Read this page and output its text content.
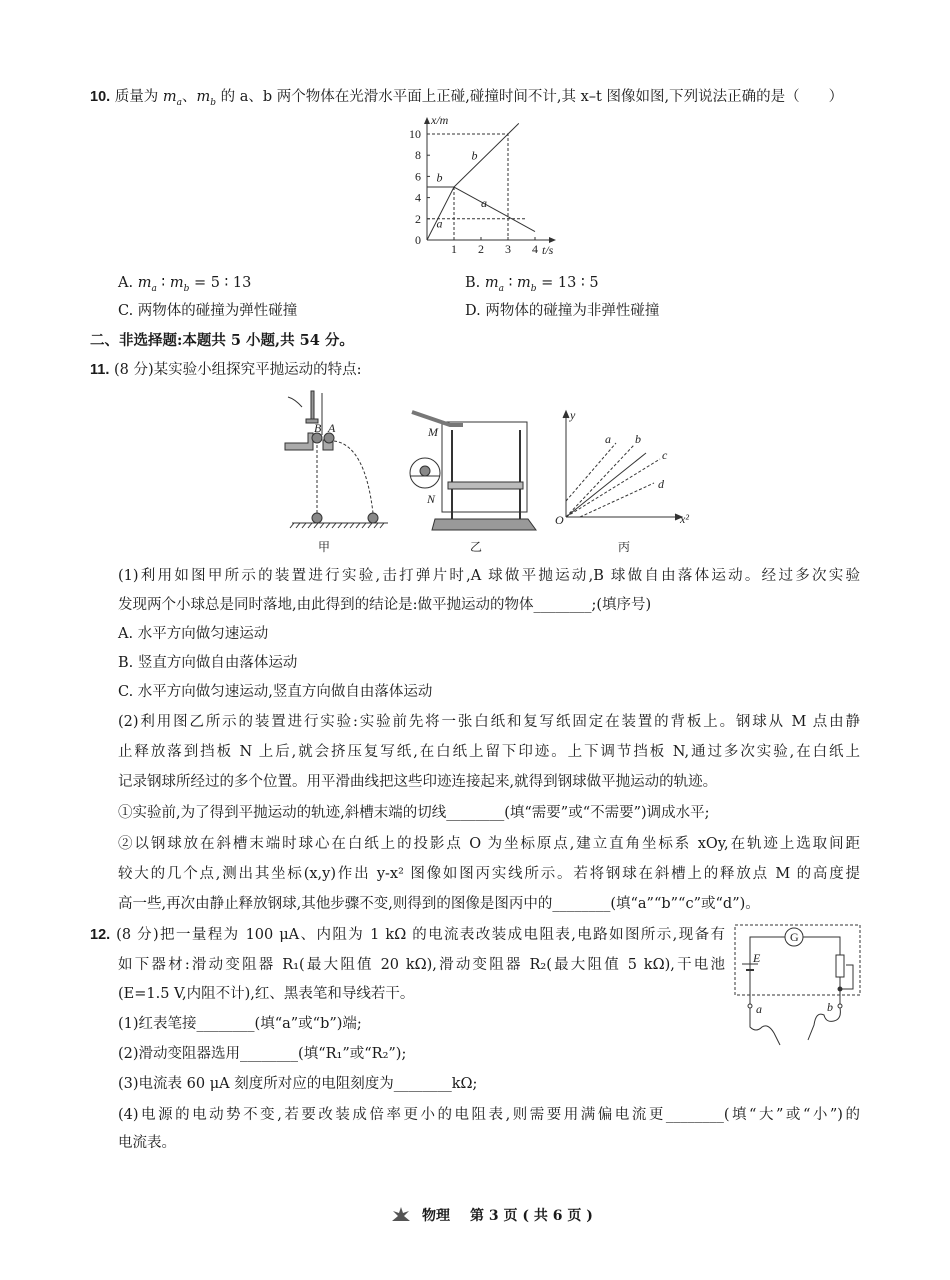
10. 质量为 $m_a$、$m_b$ 的 a、b 两个物体在光滑水平面上正碰,碰撞时间不计,其 x–t 图像如图,下列说法正确的是（　　）
x/m
t/s
0
2
4
6
8
10
1 2 3 4
a
a
b
b
A. $m_a$ ∶ $m_b = 5$ ∶ 13	B. $m_a$ ∶ $m_b = 13$ ∶ 5
C. 两物体的碰撞为弹性碰撞	D. 两物体的碰撞为非弹性碰撞
二、非选择题:本题共 5 小题,共 54 分。
11. (8 分)某实验小组探究平抛运动的特点:
B A
甲
M
N
乙
y
x²
O
a b
c
d
丙
(1)利用如图甲所示的装置进行实验,击打弹片时,A 球做平抛运动,B 球做自由落体运动。经过多次实验
发现两个小球总是同时落地,由此得到的结论是:做平抛运动的物体________;(填序号)
A. 水平方向做匀速运动
B. 竖直方向做自由落体运动
C. 水平方向做匀速运动,竖直方向做自由落体运动
(2)利用图乙所示的装置进行实验:实验前先将一张白纸和复写纸固定在装置的背板上。钢球从 M 点由静
止释放落到挡板 N 上后,就会挤压复写纸,在白纸上留下印迹。上下调节挡板 N,通过多次实验,在白纸上
记录钢球所经过的多个位置。用平滑曲线把这些印迹连接起来,就得到钢球做平抛运动的轨迹。
①实验前,为了得到平抛运动的轨迹,斜槽末端的切线________(填“需要”或“不需要”)调成水平;
②以钢球放在斜槽末端时球心在白纸上的投影点 O 为坐标原点,建立直角坐标系 xOy,在轨迹上选取间距
较大的几个点,测出其坐标(x,y)作出 y-x² 图像如图丙实线所示。若将钢球在斜槽上的释放点 M 的高度提
高一些,再次由静止释放钢球,其他步骤不变,则得到的图像是图丙中的________(填“a”“b”“c”或“d”)。
12. (8 分)把一量程为 100 μA、内阻为 1 kΩ 的电流表改装成电阻表,电路如图所示,现备有
如下器材:滑动变阻器 R₁(最大阻值 20 kΩ),滑动变阻器 R₂(最大阻值 5 kΩ),干电池
(E=1.5 V,内阻不计),红、黑表笔和导线若干。
(1)红表笔接________(填“a”或“b”)端;
(2)滑动变阻器选用________(填“R₁”或“R₂”);
(3)电流表 60 μA 刻度所对应的电阻刻度为________kΩ;
(4)电源的电动势不变,若要改装成倍率更小的电阻表,则需要用满偏电流更________(填“大”或“小”)的
电流表。
G
E
a	b
物理 第 3 页 ( 共 6 页 )
